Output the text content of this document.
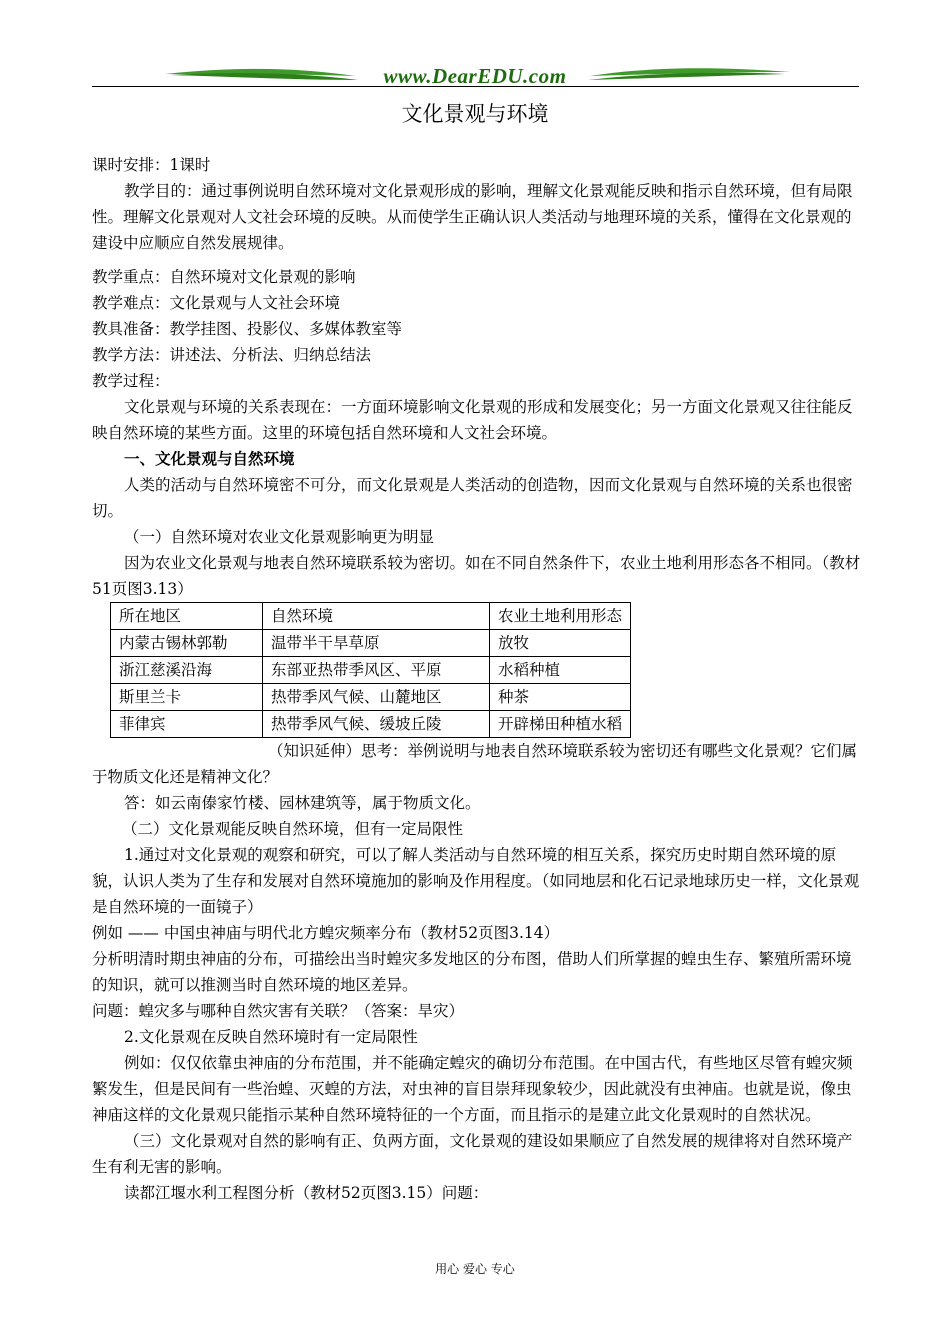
www.DearEDU.com
文化景观与环境

课时安排：1课时

教学目的：通过事例说明自然环境对文化景观形成的影响，理解文化景观能反映和指示自然环境，但有局限性。理解文化景观对人文社会环境的反映。从而使学生正确认识人类活动与地理环境的关系，懂得在文化景观的建设中应顺应自然发展规律。

教学重点：自然环境对文化景观的影响

教学难点：文化景观与人文社会环境

教具准备：教学挂图、投影仪、多媒体教室等

教学方法：讲述法、分析法、归纳总结法

教学过程：

文化景观与环境的关系表现在：一方面环境影响文化景观的形成和发展变化；另一方面文化景观又往往能反映自然环境的某些方面。这里的环境包括自然环境和人文社会环境。

一、文化景观与自然环境

人类的活动与自然环境密不可分，而文化景观是人类活动的创造物，因而文化景观与自然环境的关系也很密切。

（一）自然环境对农业文化景观影响更为明显

因为农业文化景观与地表自然环境联系较为密切。如在不同自然条件下，农业土地利用形态各不相同。（教材51页图3.13）

所在地区	自然环境	农业土地利用形态
内蒙古锡林郭勒	温带半干旱草原	放牧
浙江慈溪沿海	东部亚热带季风区、平原	水稻种植
斯里兰卡	热带季风气候、山麓地区	种茶
菲律宾	热带季风气候、缓坡丘陵	开辟梯田种植水稻

（知识延伸）思考：举例说明与地表自然环境联系较为密切还有哪些文化景观？它们属于物质文化还是精神文化？

答：如云南傣家竹楼、园林建筑等，属于物质文化。

（二）文化景观能反映自然环境，但有一定局限性

1.通过对文化景观的观察和研究，可以了解人类活动与自然环境的相互关系，探究历史时期自然环境的原貌，认识人类为了生存和发展对自然环境施加的影响及作用程度。（如同地层和化石记录地球历史一样，文化景观是自然环境的一面镜子）

例如 —— 中国虫神庙与明代北方蝗灾频率分布（教材52页图3.14）

分析明清时期虫神庙的分布，可描绘出当时蝗灾多发地区的分布图，借助人们所掌握的蝗虫生存、繁殖所需环境的知识，就可以推测当时自然环境的地区差异。

问题：蝗灾多与哪种自然灾害有关联？（答案：旱灾）

2.文化景观在反映自然环境时有一定局限性

例如：仅仅依靠虫神庙的分布范围，并不能确定蝗灾的确切分布范围。在中国古代，有些地区尽管有蝗灾频繁发生，但是民间有一些治蝗、灭蝗的方法，对虫神的盲目崇拜现象较少，因此就没有虫神庙。也就是说，像虫神庙这样的文化景观只能指示某种自然环境特征的一个方面，而且指示的是建立此文化景观时的自然状况。

（三）文化景观对自然的影响有正、负两方面，文化景观的建设如果顺应了自然发展的规律将对自然环境产生有利无害的影响。

读都江堰水利工程图分析（教材52页图3.15）问题：

用心 爱心 专心
